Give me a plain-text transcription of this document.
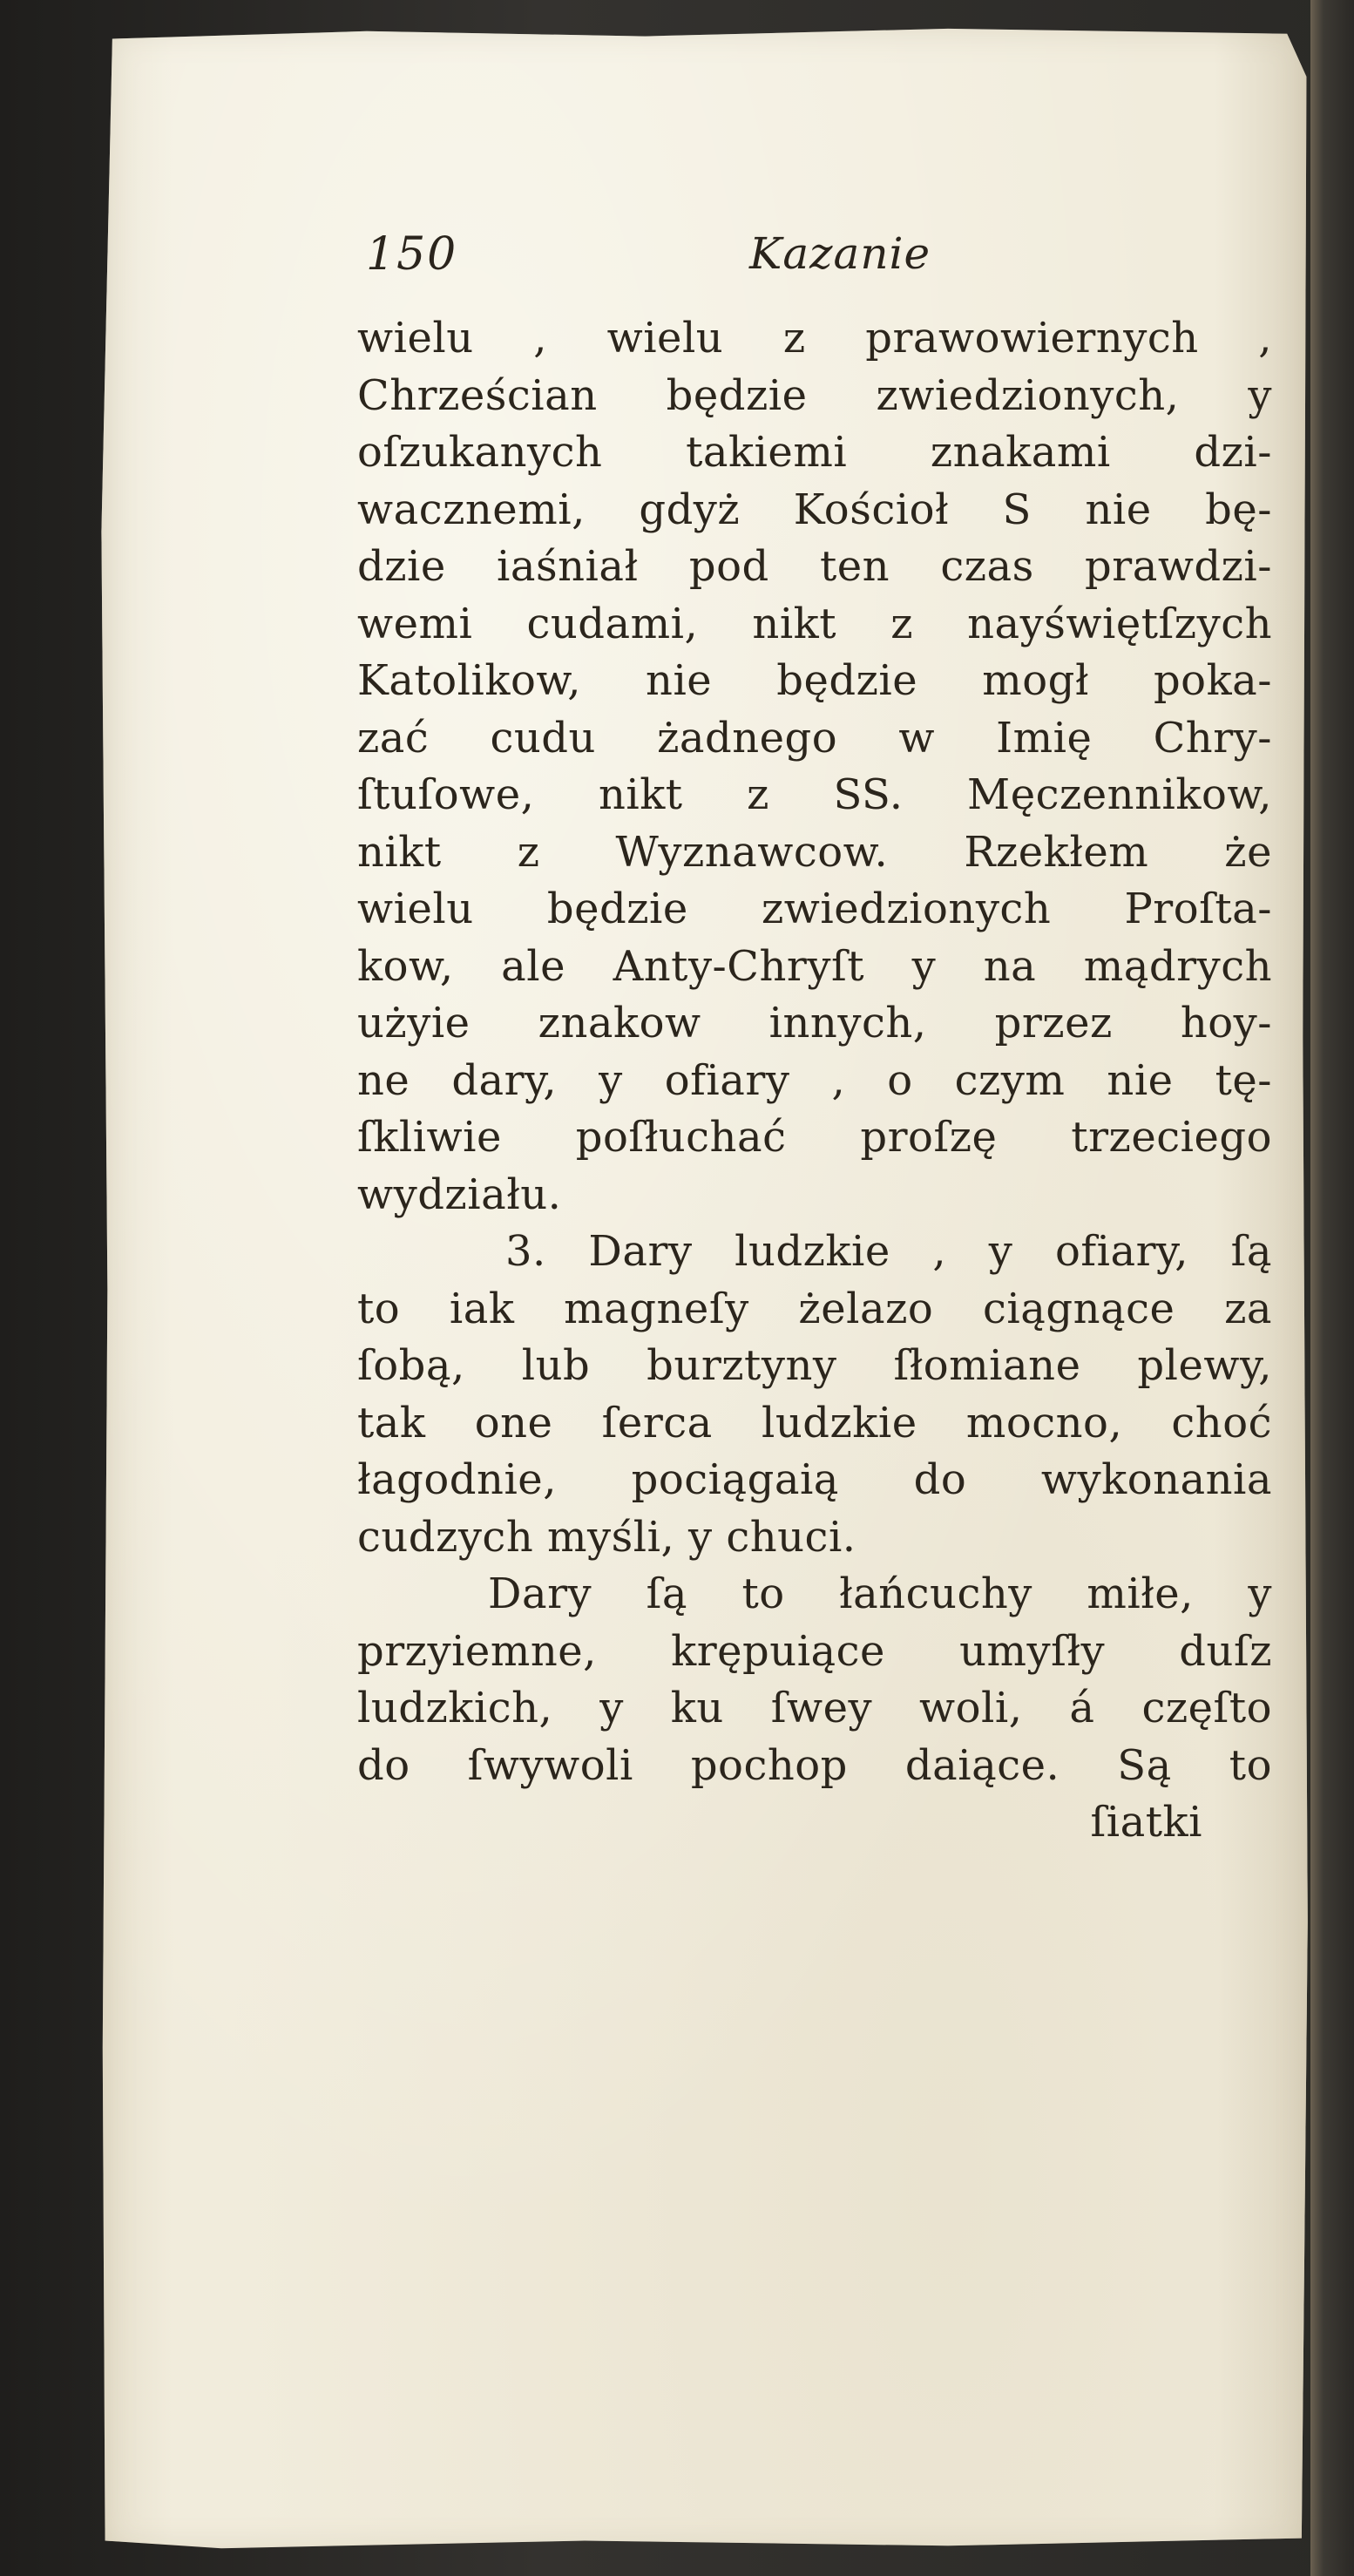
150	Kazanie
wielu , wielu z prawowiernych ,
Chrześcian będzie zwiedzionych, y
oſzukanych takiemi znakami dzi-
wacznemi, gdyż Kościoł S nie bę-
dzie iaśniał pod ten czas prawdzi-
wemi cudami, nikt z nayświętſzych
Katolikow, nie będzie mogł poka-
zać cudu żadnego w Imię Chry-
ſtuſowe, nikt z SS. Męczennikow,
nikt z Wyznawcow. Rzekłem że
wielu będzie zwiedzionych Proſta-
kow, ale Anty-Chryſt y na mądrych
użyie znakow innych, przez hoy-
ne dary, y ofiary , o czym nie tę-
ſkliwie poſłuchać proſzę trzeciego
wydziału.
3. Dary ludzkie , y ofiary, ſą
to iak magneſy żelazo ciągnące za
ſobą, lub burztyny ſłomiane plewy,
tak one ſerca ludzkie mocno, choć
łagodnie, pociągaią do wykonania
cudzych myśli, y chuci.
Dary ſą to łańcuchy miłe, y
przyiemne, krępuiące umyſły duſz
ludzkich, y ku ſwey woli, á częſto
do ſwywoli pochop daiące. Są to
ſiatki
